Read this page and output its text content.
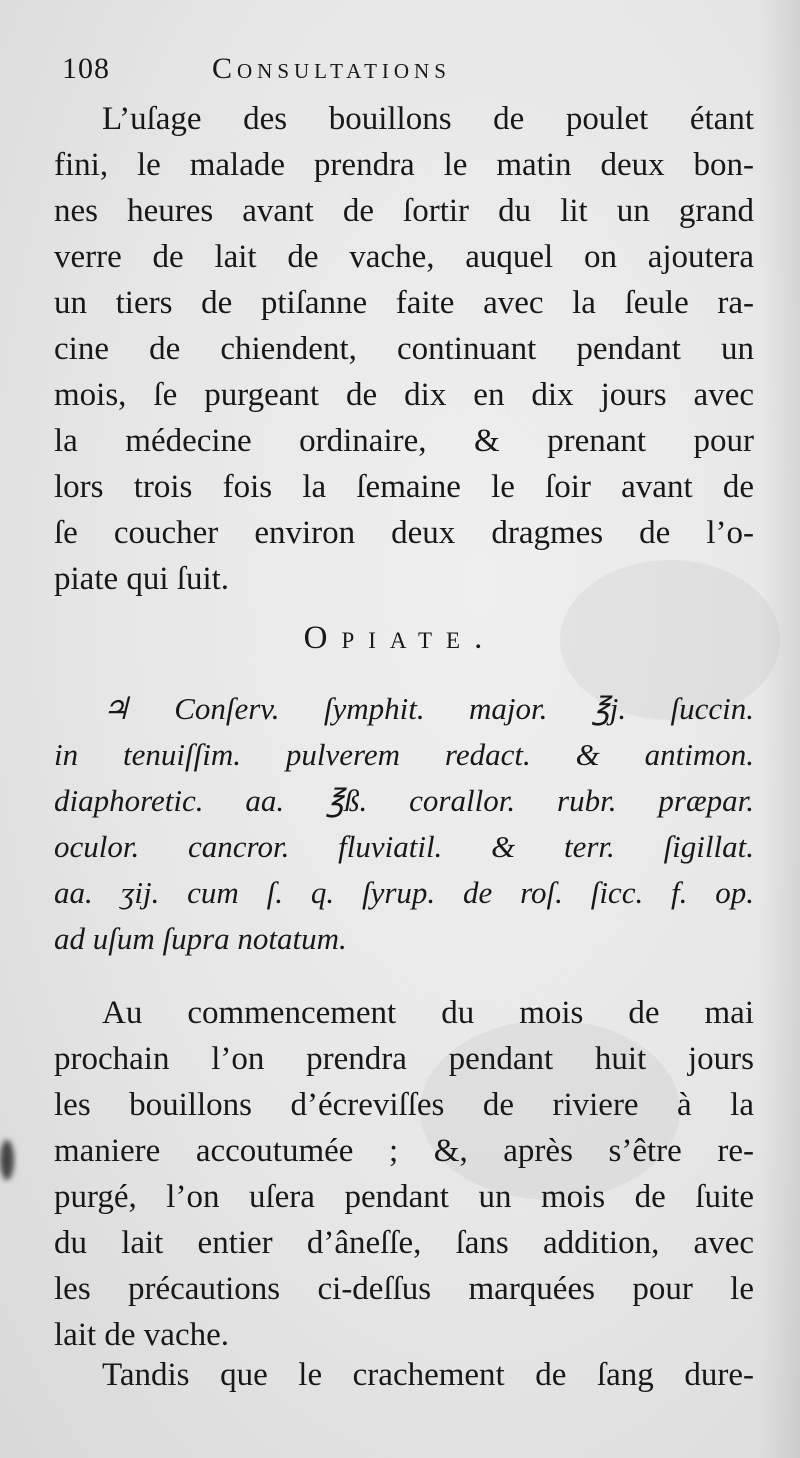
108	Consultations
L’uſage des bouillons de poulet étant
fini, le malade prendra le matin deux bon-
nes heures avant de ſortir du lit un grand
verre de lait de vache, auquel on ajoutera
un tiers de ptiſanne faite avec la ſeule ra-
cine de chiendent, continuant pendant un
mois, ſe purgeant de dix en dix jours avec
la médecine ordinaire, & prenant pour
lors trois fois la ſemaine le ſoir avant de
ſe coucher environ deux dragmes de l’o-
piate qui ſuit.
Opiate.
♃ Conſerv. ſymphit. major. ℥j. ſuccin.
in tenuiſſim. pulverem redact. & antimon.
diaphoretic. aa. ℥ß. corallor. rubr. præpar.
oculor. cancror. fluviatil. & terr. ſigillat.
aa. ʒij. cum ſ. q. ſyrup. de roſ. ſicc. f. op.
ad uſum ſupra notatum.
Au commencement du mois de mai
prochain l’on prendra pendant huit jours
les bouillons d’écreviſſes de riviere à la
maniere accoutumée ; &, après s’être re-
purgé, l’on uſera pendant un mois de ſuite
du lait entier d’âneſſe, ſans addition, avec
les précautions ci-deſſus marquées pour le
lait de vache.
Tandis que le crachement de ſang dure-
